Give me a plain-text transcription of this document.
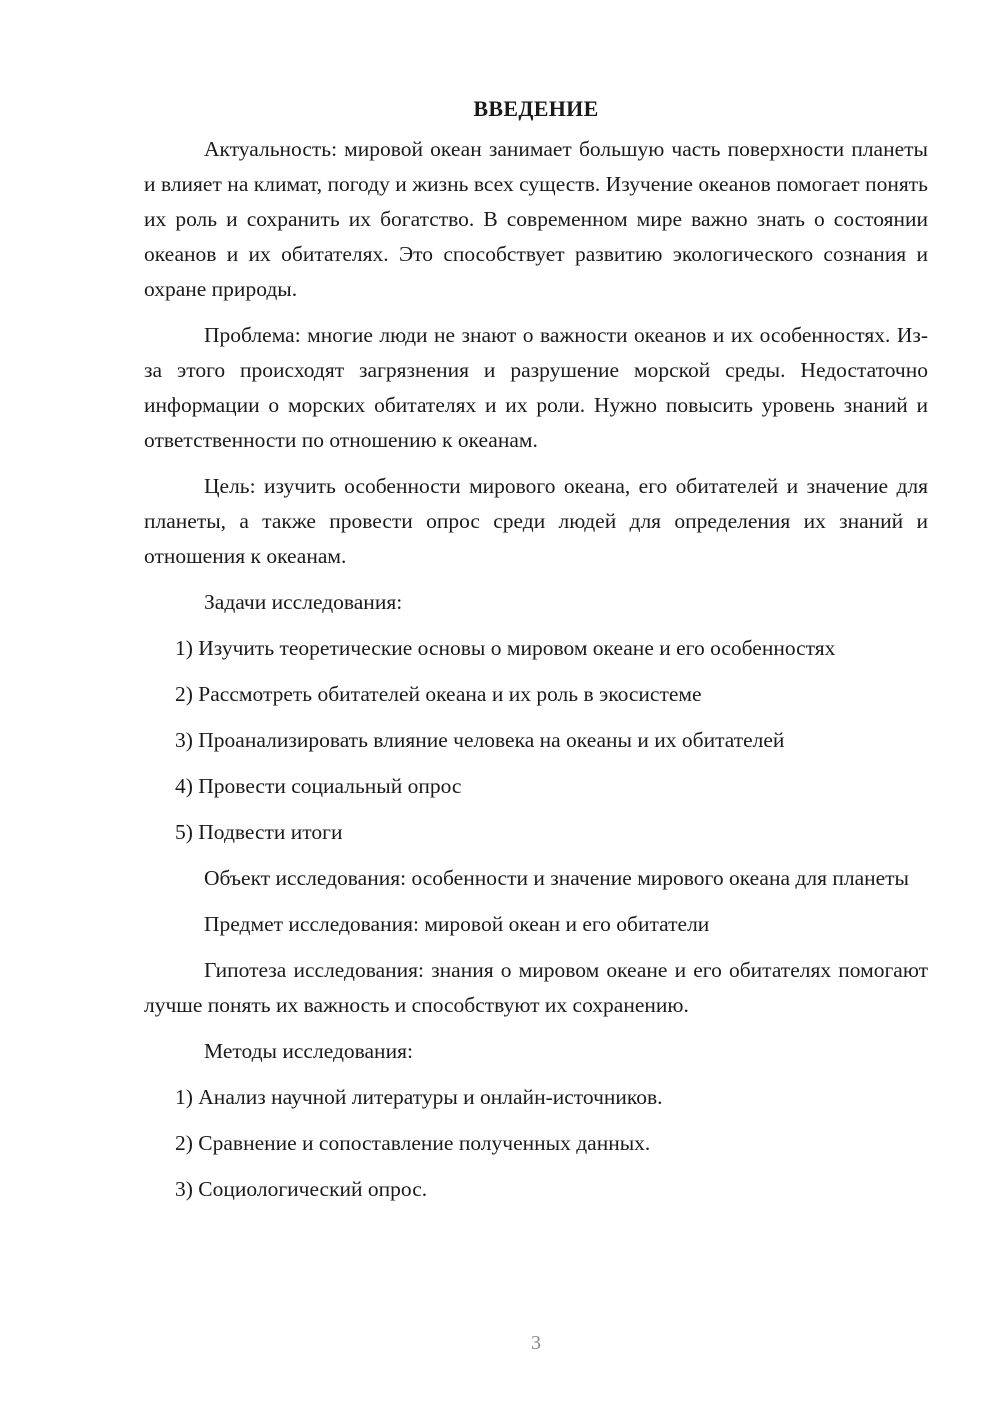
ВВЕДЕНИЕ

Актуальность: мировой океан занимает большую часть поверхности планеты и влияет на климат, погоду и жизнь всех существ. Изучение океанов помогает понять их роль и сохранить их богатство. В современном мире важно знать о состоянии океанов и их обитателях. Это способствует развитию экологического сознания и охране природы.

Проблема: многие люди не знают о важности океанов и их особенностях. Из-за этого происходят загрязнения и разрушение морской среды. Недостаточно информации о морских обитателях и их роли. Нужно повысить уровень знаний и ответственности по отношению к океанам.

Цель: изучить особенности мирового океана, его обитателей и значение для планеты, а также провести опрос среди людей для определения их знаний и отношения к океанам.

Задачи исследования:

1) Изучить теоретические основы о мировом океане и его особенностях

2) Рассмотреть обитателей океана и их роль в экосистеме

3) Проанализировать влияние человека на океаны и их обитателей

4) Провести социальный опрос

5) Подвести итоги

Объект исследования: особенности и значение мирового океана для планеты

Предмет исследования: мировой океан и его обитатели

Гипотеза исследования: знания о мировом океане и его обитателях помогают лучше понять их важность и способствуют их сохранению.

Методы исследования:

1) Анализ научной литературы и онлайн-источников.

2) Сравнение и сопоставление полученных данных.

3) Социологический опрос.

3
